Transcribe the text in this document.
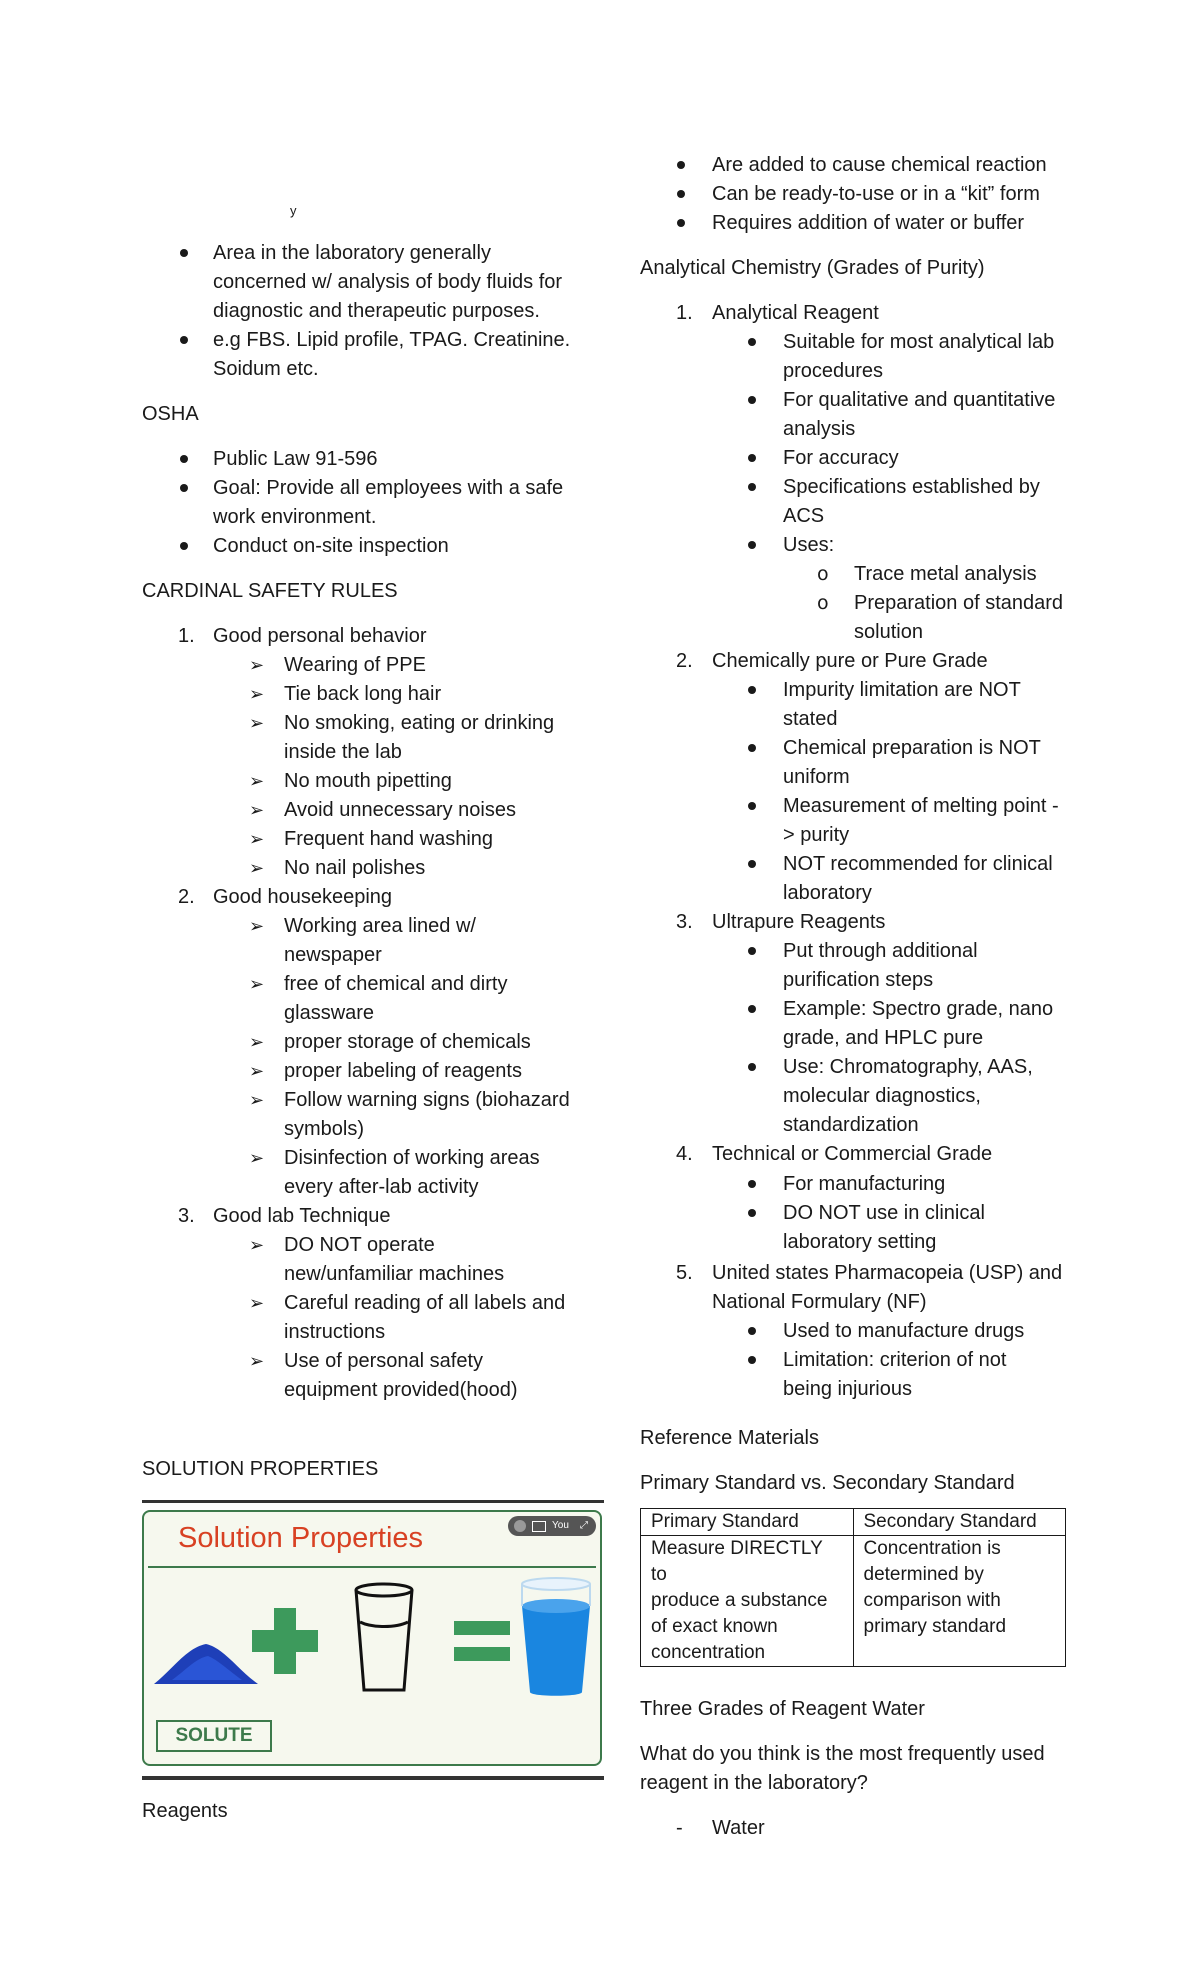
y
Area in the laboratory generally
concerned w/ analysis of body fluids for
diagnostic and therapeutic purposes.
e.g FBS. Lipid profile, TPAG. Creatinine.
Soidum etc.
OSHA
Public Law 91-596
Goal: Provide all employees with a safe
work environment.
Conduct on-site inspection
CARDINAL SAFETY RULES
1. Good personal behavior
➢ Wearing of PPE
➢ Tie back long hair
➢ No smoking, eating or drinking
inside the lab
➢ No mouth pipetting
➢ Avoid unnecessary noises
➢ Frequent hand washing
➢ No nail polishes
2. Good housekeeping
➢ Working area lined w/
newspaper
➢ free of chemical and dirty
glassware
➢ proper storage of chemicals
➢ proper labeling of reagents
➢ Follow warning signs (biohazard
symbols)
➢ Disinfection of working areas
every after-lab activity
3. Good lab Technique
➢ DO NOT operate
new/unfamiliar machines
➢ Careful reading of all labels and
instructions
➢ Use of personal safety
equipment provided(hood)
SOLUTION PROPERTIES
Solution Properties	You ⤢
SOLUTE
Reagents
Are added to cause chemical reaction
Can be ready-to-use or in a “kit” form
Requires addition of water or buffer
Analytical Chemistry (Grades of Purity)
1. Analytical Reagent
Suitable for most analytical lab
procedures
For qualitative and quantitative
analysis
For accuracy
Specifications established by
ACS
Uses:
o Trace metal analysis
o Preparation of standard
solution
2. Chemically pure or Pure Grade
Impurity limitation are NOT
stated
Chemical preparation is NOT
uniform
Measurement of melting point -
> purity
NOT recommended for clinical
laboratory
3. Ultrapure Reagents
Put through additional
purification steps
Example: Spectro grade, nano
grade, and HPLC pure
Use: Chromatography, AAS,
molecular diagnostics,
standardization
4. Technical or Commercial Grade
For manufacturing
DO NOT use in clinical
laboratory setting
5. United states Pharmacopeia (USP) and
National Formulary (NF)
Used to manufacture drugs
Limitation: criterion of not
being injurious
Reference Materials
Primary Standard vs. Secondary Standard
Primary Standard	Secondary Standard
Measure DIRECTLY to
produce a substance
of exact known
concentration	Concentration is
determined by
comparison with
primary standard
Three Grades of Reagent Water
What do you think is the most frequently used
reagent in the laboratory?
- Water
